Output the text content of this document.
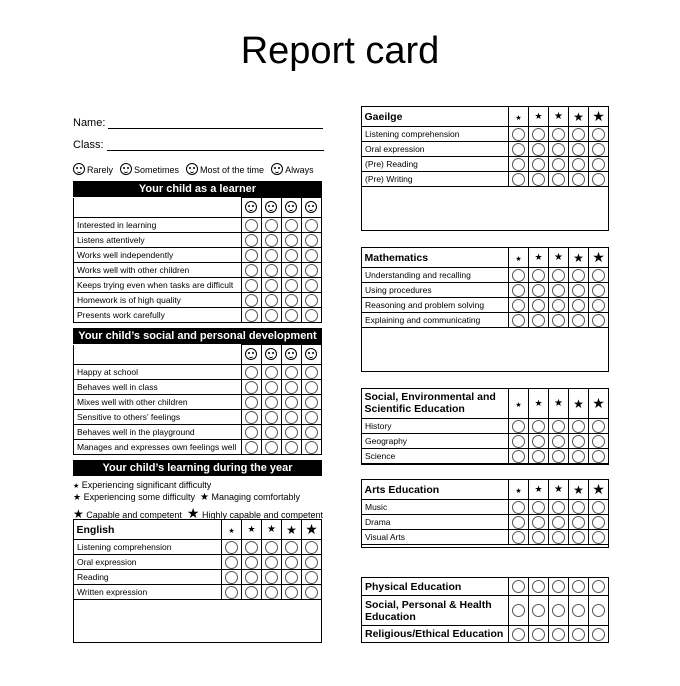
Report card
Name:
Class:
Rarely Sometimes Most of the time Always
Your child as a learner

Interested in learning				
Listens attentively				
Works well independently				
Works well with other children				
Keeps trying even when tasks are difficult				
Homework is of high quality				
Presents work carefully				
Your child’s social and personal development

Happy at school				
Behaves well in class				
Mixes well with other children				
Sensitive to others’ feelings				
Behaves well in the playground				
Manages and expresses own feelings well				
Your child’s learning during the year
★ Experiencing significant difficulty
★ Experiencing some difficulty ★ Managing comfortably
★ Capable and competent ★ Highly capable and competent
English	★	★	★	★	★
Listening comprehension					
Oral expression					
Reading					
Written expression					
Gaeilge	★	★	★	★	★
Listening comprehension					
Oral expression					
(Pre) Reading					
(Pre) Writing					
Mathematics	★	★	★	★	★
Understanding and recalling					
Using procedures					
Reasoning and problem solving					
Explaining and communicating					
Social, Environmental and Scientific Education	★	★	★	★	★
History					
Geography					
Science					
Arts Education	★	★	★	★	★
Music					
Drama					
Visual Arts					
Physical Education					
Social, Personal & Health Education					
Religious/Ethical Education					
